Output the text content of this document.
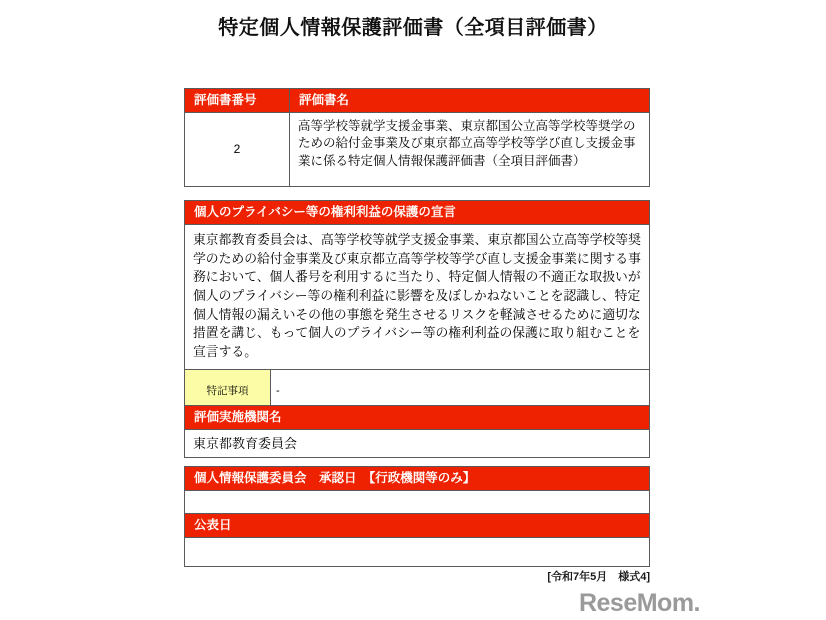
特定個人情報保護評価書（全項目評価書）
評価書番号	評価書名
2
高等学校等就学支援金事業、東京都国公立高等学校等奨学のための給付金事業及び東京都立高等学校等学び直し支援金事業に係る特定個人情報保護評価書（全項目評価書）
個人のプライバシー等の権利利益の保護の宣言
東京都教育委員会は、高等学校等就学支援金事業、東京都国公立高等学校等奨学のための給付金事業及び東京都立高等学校等学び直し支援金事業に関する事務において、個人番号を利用するに当たり、特定個人情報の不適正な取扱いが個人のプライバシー等の権利利益に影響を及ぼしかねないことを認識し、特定個人情報の漏えいその他の事態を発生させるリスクを軽減させるために適切な措置を講じ、もって個人のプライバシー等の権利利益の保護に取り組むことを宣言する。
特記事項	-
評価実施機関名
東京都教育委員会
個人情報保護委員会　承認日　【行政機関等のみ】
公表日
[令和7年5月　様式4]
ReseMom.
